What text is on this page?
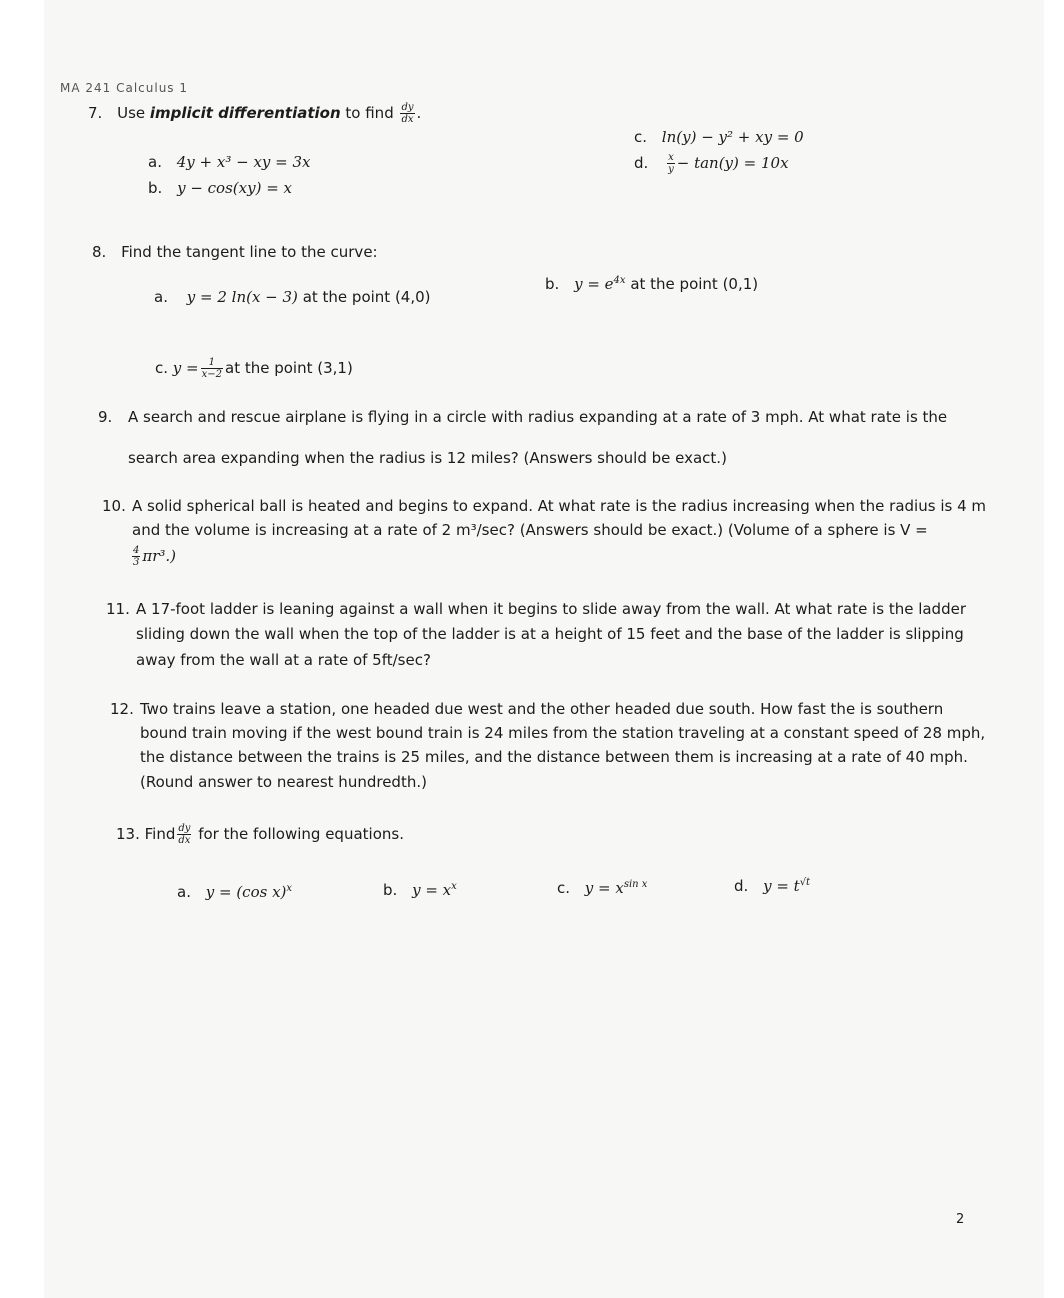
MA 241 Calculus 1
7. Use implicit differentiation to find $\frac{dy}{dx}$ .
a. 4y + x³ − xy = 3x
b. y − cos(xy) = x
c. ln(y) − y² + xy = 0
d. $\frac{x}{y} - \tan(y) = 10x$
8. Find the tangent line to the curve:
a. y = 2 ln(x − 3) at the point (4,0)
b. $y = e^{4x}$ at the point (0,1)
c. $y = \frac{1}{x-2}$ at the point (3,1)
9. A search and rescue airplane is flying in a circle with radius expanding at a rate of 3 mph. At what rate is the
search area expanding when the radius is 12 miles? (Answers should be exact.)
10. A solid spherical ball is heated and begins to expand. At what rate is the radius increasing when the radius is 4 m
and the volume is increasing at a rate of 2 m³/sec? (Answers should be exact.) (Volume of a sphere is V =
$\frac{4}{3} \pi r^3$.)
11. A 17-foot ladder is leaning against a wall when it begins to slide away from the wall. At what rate is the ladder
sliding down the wall when the top of the ladder is at a height of 15 feet and the base of the ladder is slipping
away from the wall at a rate of 5ft/sec?
12. Two trains leave a station, one headed due west and the other headed due south. How fast the is southern
bound train moving if the west bound train is 24 miles from the station traveling at a constant speed of 28 mph,
the distance between the trains is 25 miles, and the distance between them is increasing at a rate of 40 mph.
(Round answer to nearest hundredth.)
13. Find $\frac{dy}{dx}$ for the following equations.
a. y = (cos x)$^x$	b. $y = x^x$	c. $y = x^{sin x}$	d. $y = t^{√t}$
2
